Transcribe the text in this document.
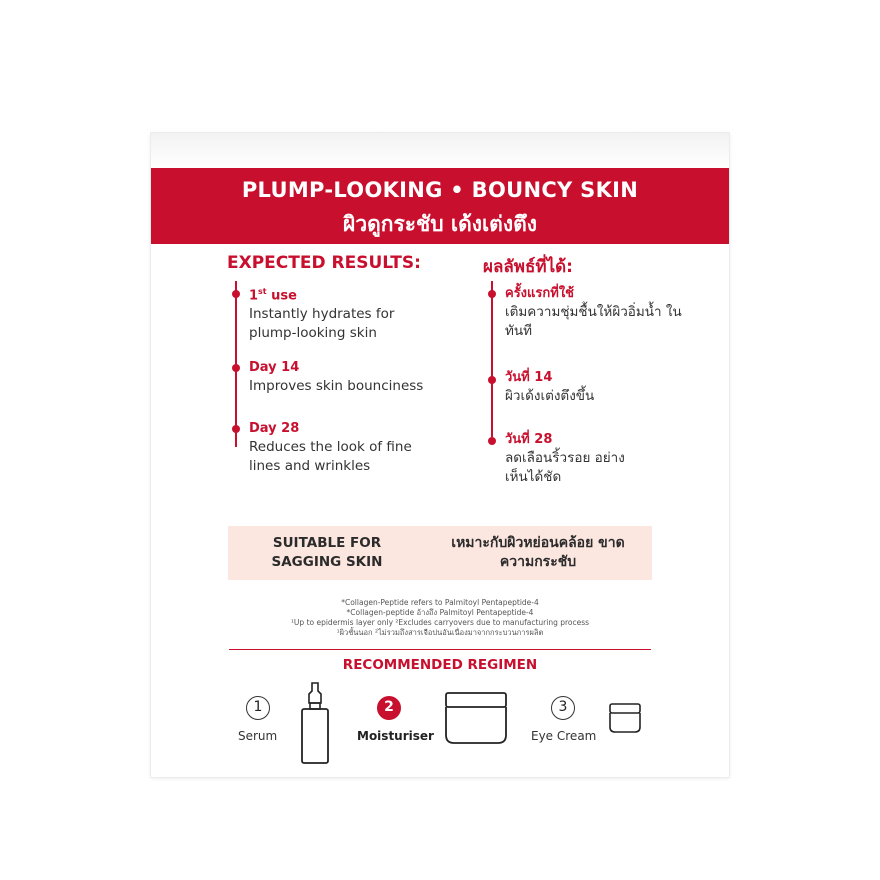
PLUMP-LOOKING • BOUNCY SKIN
ผิวดูกระชับ เด้งเต่งตึง
EXPECTED RESULTS:
1st use
Instantly hydrates for plump-looking skin
Day 14
Improves skin bounciness
Day 28
Reduces the look of fine lines and wrinkles
ผลลัพธ์ที่ได้:
ครั้งแรกที่ใช้
เติมความชุ่มชื้นให้ผิวอิ่มน้ำ ในทันที
วันที่ 14
ผิวเด้งเต่งตึงขึ้น
วันที่ 28
ลดเลือนริ้วรอย อย่างเห็นได้ชัด
SUITABLE FOR SAGGING SKIN
เหมาะกับผิวหย่อนคล้อย ขาดความกระชับ
*Collagen-Peptide refers to Palmitoyl Pentapeptide-4
*Collagen-peptide อ้างถึง Palmitoyl Pentapeptide-4
¹Up to epidermis layer only ²Excludes carryovers due to manufacturing process
¹ผิวชั้นนอก ²ไม่รวมถึงสารเจือปนอันเนื่องมาจากกระบวนการผลิต
RECOMMENDED REGIMEN
1
Serum
2
Moisturiser
3
Eye Cream
